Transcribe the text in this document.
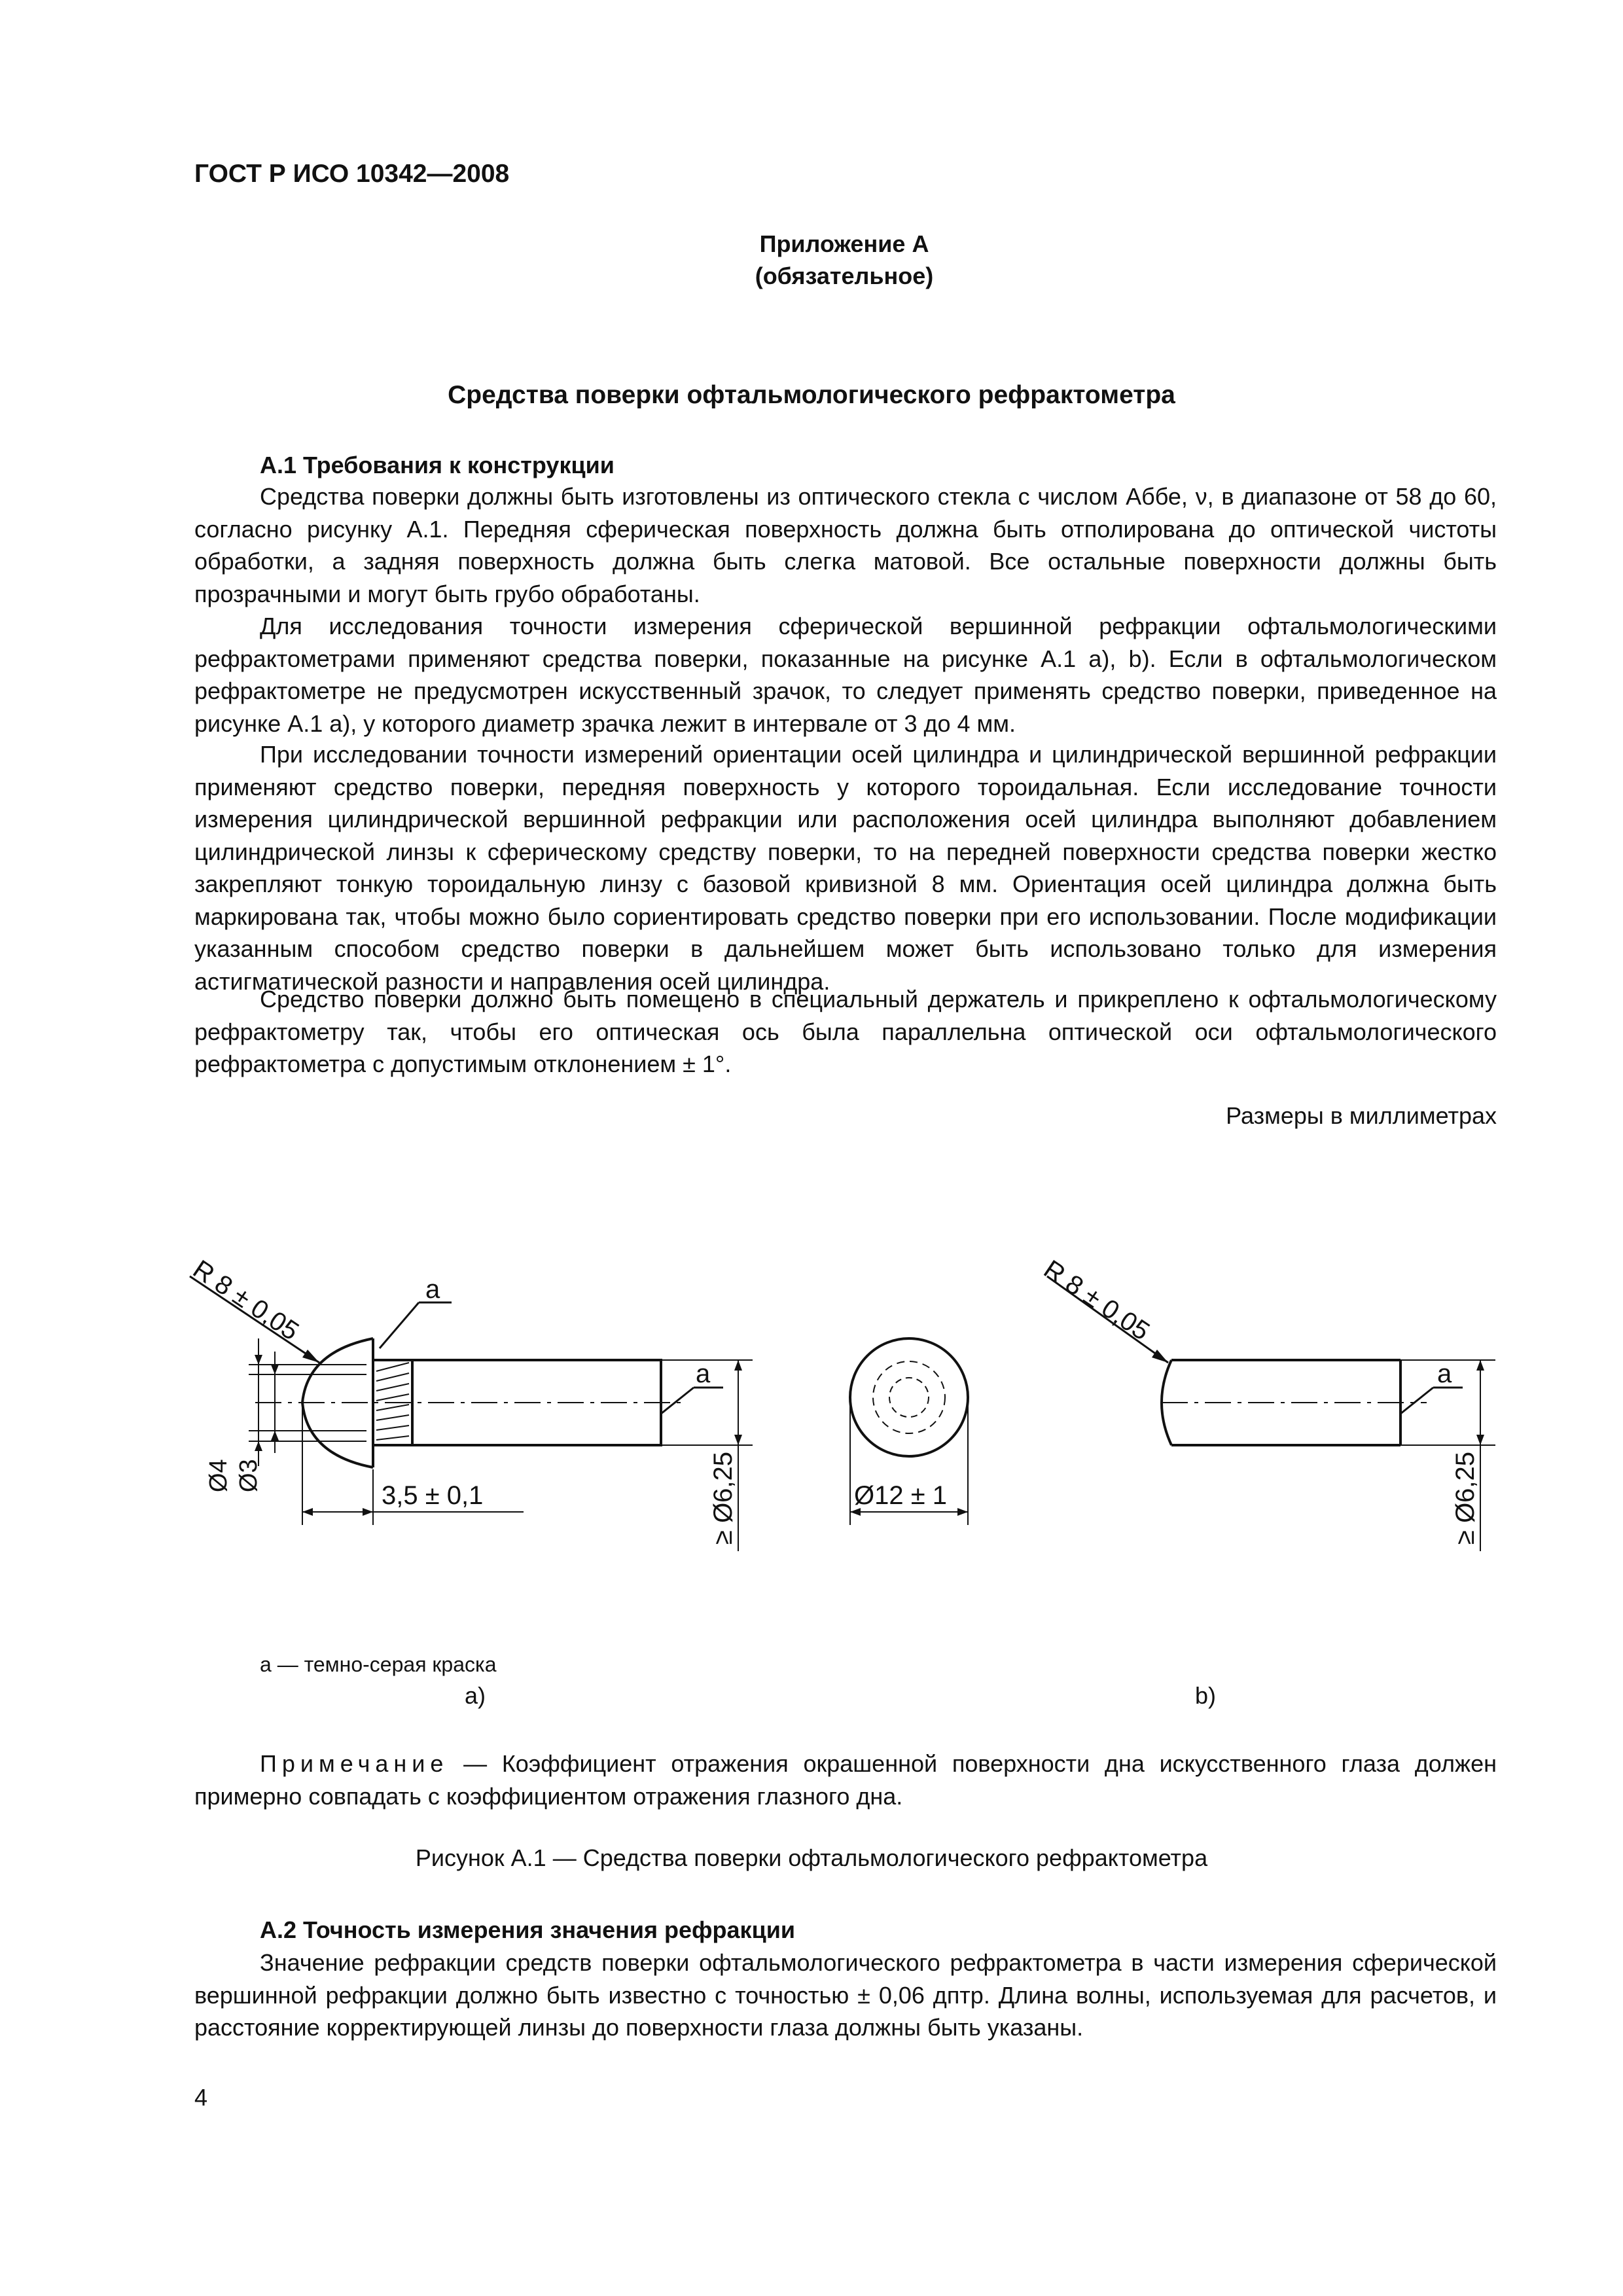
ГОСТ Р ИСО 10342—2008
Приложение А
(обязательное)
Средства поверки офтальмологического рефрактометра
А.1 Требования к конструкции

Средства поверки должны быть изготовлены из оптического стекла с числом Аббе, ν, в диапазоне от 58 до 60, согласно рисунку А.1. Передняя сферическая поверхность должна быть отполирована до оптической чистоты обработки, а задняя поверхность должна быть слегка матовой. Все остальные поверхности должны быть прозрачными и могут быть грубо обработаны.

Для исследования точности измерения сферической вершинной рефракции офтальмологическими рефрактометрами применяют средства поверки, показанные на рисунке А.1 а), b). Если в офтальмологическом рефрактометре не предусмотрен искусственный зрачок, то следует применять средство поверки, приведенное на рисунке А.1 а), у которого диаметр зрачка лежит в интервале от 3 до 4 мм.

При исследовании точности измерений ориентации осей цилиндра и цилиндрической вершинной рефракции применяют средство поверки, передняя поверхность у которого тороидальная. Если исследование точности измерения цилиндрической вершинной рефракции или расположения осей цилиндра выполняют добавлением цилиндрической линзы к сферическому средству поверки, то на передней поверхности средства поверки жестко закрепляют тонкую тороидальную линзу с базовой кривизной 8 мм. Ориентация осей цилиндра должна быть маркирована так, чтобы можно было сориентировать средство поверки при его использовании. После модификации указанным способом средство поверки в дальнейшем может быть использовано только для измерения астигматической разности и направления осей цилиндра.

Средство поверки должно быть помещено в специальный держатель и прикреплено к офтальмологическому рефрактометру так, чтобы его оптическая ось была параллельна оптической оси офтальмологического рефрактометра с допустимым отклонением ± 1°.

Размеры в миллиметрах
R 8 ± 0,05	R 8 ± 0,05
a
a	a
Ø4 Ø3
3,5 ± 0,1	≥ Ø6,25	Ø12 ± 1	≥ Ø6,25
a — темно-серая краска
a)	b)

Примечание — Коэффициент отражения окрашенной поверхности дна искусственного глаза должен примерно совпадать с коэффициентом отражения глазного дна.

Рисунок А.1 — Средства поверки офтальмологического рефрактометра
А.2 Точность измерения значения рефракции

Значение рефракции средств поверки офтальмологического рефрактометра в части измерения сферической вершинной рефракции должно быть известно с точностью ± 0,06 дптр. Длина волны, используемая для расчетов, и расстояние корректирующей линзы до поверхности глаза должны быть указаны.

4
